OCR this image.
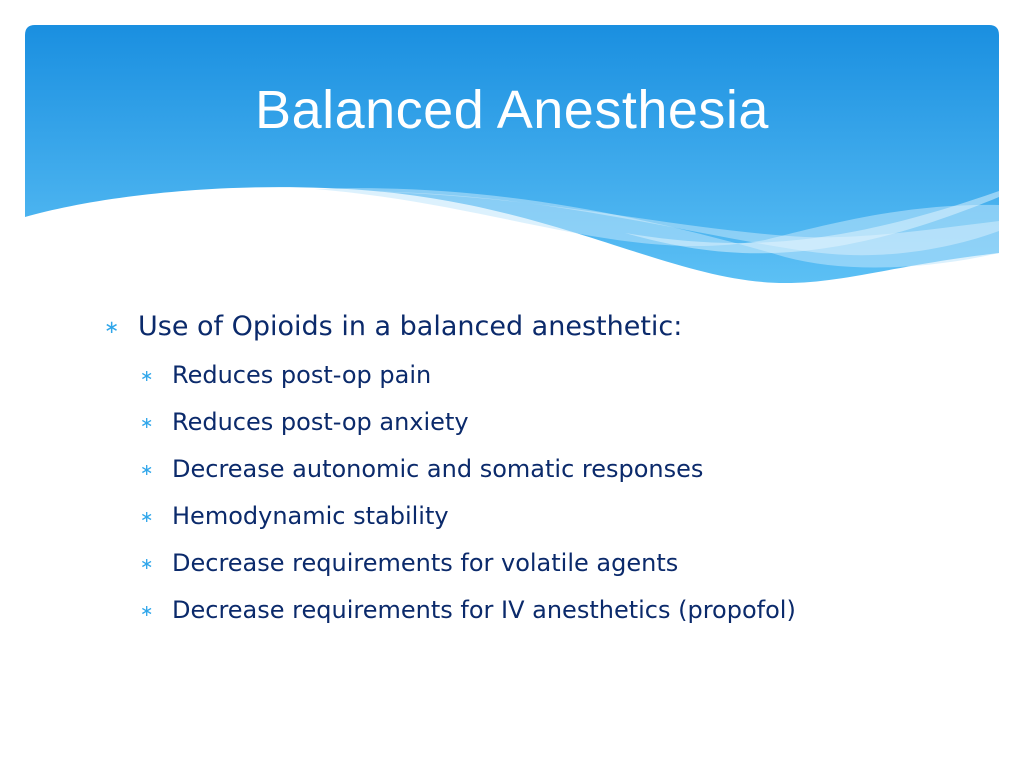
Balanced Anesthesia
∗ Use of Opioids in a balanced anesthetic:
∗ Reduces post-op pain
∗ Reduces post-op anxiety
∗ Decrease autonomic and somatic responses
∗ Hemodynamic stability
∗ Decrease requirements for volatile agents
∗ Decrease requirements for IV anesthetics (propofol)
